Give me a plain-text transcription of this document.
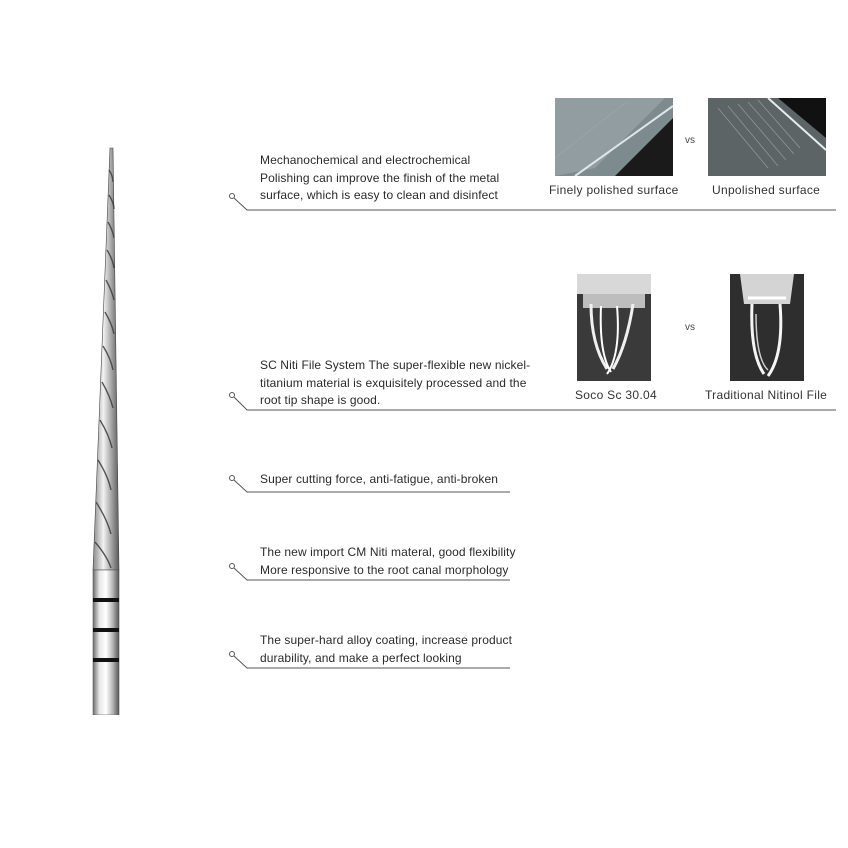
Mechanochemical and electrochemical
Polishing can improve the finish of the metal
surface, which is easy to clean and disinfect
SC Niti File System The super-flexible new nickel-
titanium material is exquisitely processed and the
root tip shape is good.
Super cutting force, anti-fatigue, anti-broken
The new import CM Niti materal, good flexibility
More responsive to the root canal morphology
The super-hard alloy coating, increase product
durability, and make a perfect looking
vs
Finely polished surface	Unpolished surface
vs
Soco Sc 30.04	Traditional Nitinol File
